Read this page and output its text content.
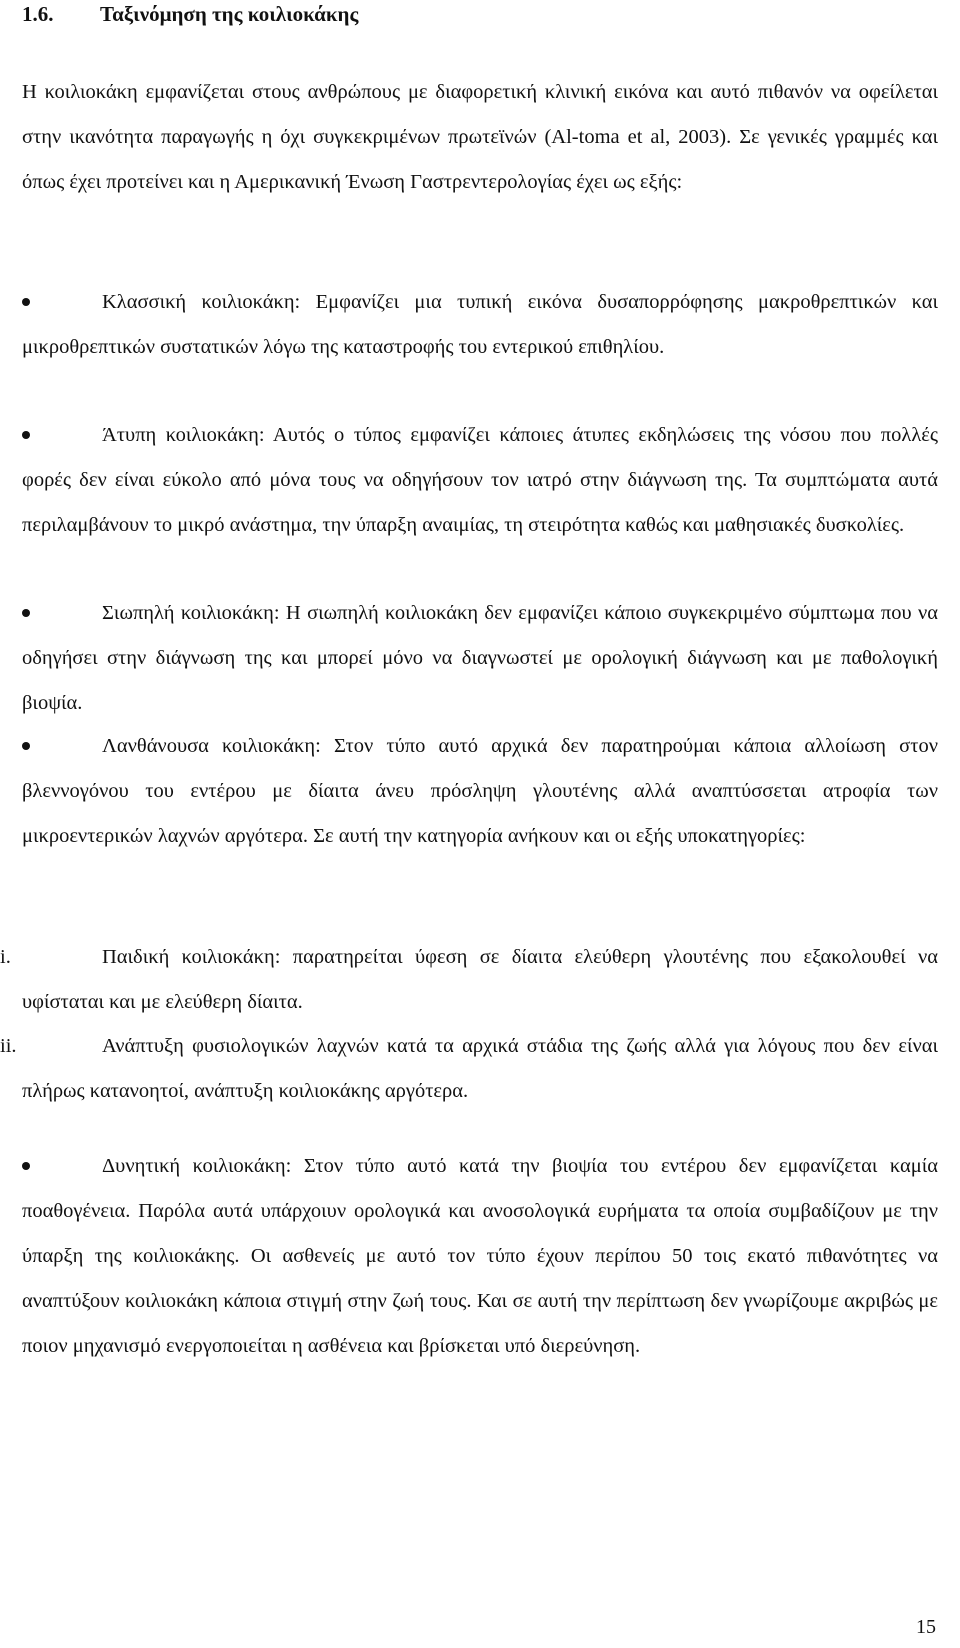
1.6. Ταξινόμηση της κοιλιοκάκης

Η κοιλιοκάκη εμφανίζεται στους ανθρώπους με διαφορετική κλινική εικόνα και αυτό πιθανόν να οφείλεται στην ικανότητα παραγωγής η όχι συγκεκριμένων πρωτεϊνών (Al-toma et al, 2003). Σε γενικές γραμμές και όπως έχει προτείνει και η Αμερικανική Ένωση Γαστρεντερολογίας έχει ως εξής:

Κλασσική κοιλιοκάκη: Εμφανίζει μια τυπική εικόνα δυσαπορρόφησης μακροθρεπτικών και μικροθρεπτικών συστατικών λόγω της καταστροφής του εντερικού επιθηλίου.

Άτυπη κοιλιοκάκη: Αυτός ο τύπος εμφανίζει κάποιες άτυπες εκδηλώσεις της νόσου που πολλές φορές δεν είναι εύκολο από μόνα τους να οδηγήσουν τον ιατρό στην διάγνωση της. Τα συμπτώματα αυτά περιλαμβάνουν το μικρό ανάστημα, την ύπαρξη αναιμίας, τη στειρότητα καθώς και μαθησιακές δυσκολίες.

Σιωπηλή κοιλιοκάκη: Η σιωπηλή κοιλιοκάκη δεν εμφανίζει κάποιο συγκεκριμένο σύμπτωμα που να οδηγήσει στην διάγνωση της και μπορεί μόνο να διαγνωστεί με ορολογική διάγνωση και με παθολογική βιοψία.

Λανθάνουσα κοιλιοκάκη: Στον τύπο αυτό αρχικά δεν παρατηρούμαι κάποια αλλοίωση στον βλεννογόνου του εντέρου με δίαιτα άνευ πρόσληψη γλουτένης αλλά αναπτύσσεται ατροφία των μικροεντερικών λαχνών αργότερα. Σε αυτή την κατηγορία ανήκουν και οι εξής υποκατηγορίες:

i.	Παιδική κοιλιοκάκη: παρατηρείται ύφεση σε δίαιτα ελεύθερη γλουτένης που εξακολουθεί να υφίσταται και με ελεύθερη δίαιτα.

ii.	Ανάπτυξη φυσιολογικών λαχνών κατά τα αρχικά στάδια της ζωής αλλά για λόγους που δεν είναι πλήρως κατανοητοί, ανάπτυξη κοιλιοκάκης αργότερα.

Δυνητική κοιλιοκάκη: Στον τύπο αυτό κατά την βιοψία του εντέρου δεν εμφανίζεται καμία ποαθογένεια. Παρόλα αυτά υπάρχοιυν ορολογικά και ανοσολογικά ευρήματα τα οποία συμβαδίζουν με την ύπαρξη της κοιλιοκάκης. Οι ασθενείς με αυτό τον τύπο έχουν περίπου 50 τοις εκατό πιθανότητες να αναπτύξουν κοιλιοκάκη κάποια στιγμή στην ζωή τους. Και σε αυτή την περίπτωση δεν γνωρίζουμε ακριβώς με ποιον μηχανισμό ενεργοποιείται η ασθένεια και βρίσκεται υπό διερεύνηση.

15
